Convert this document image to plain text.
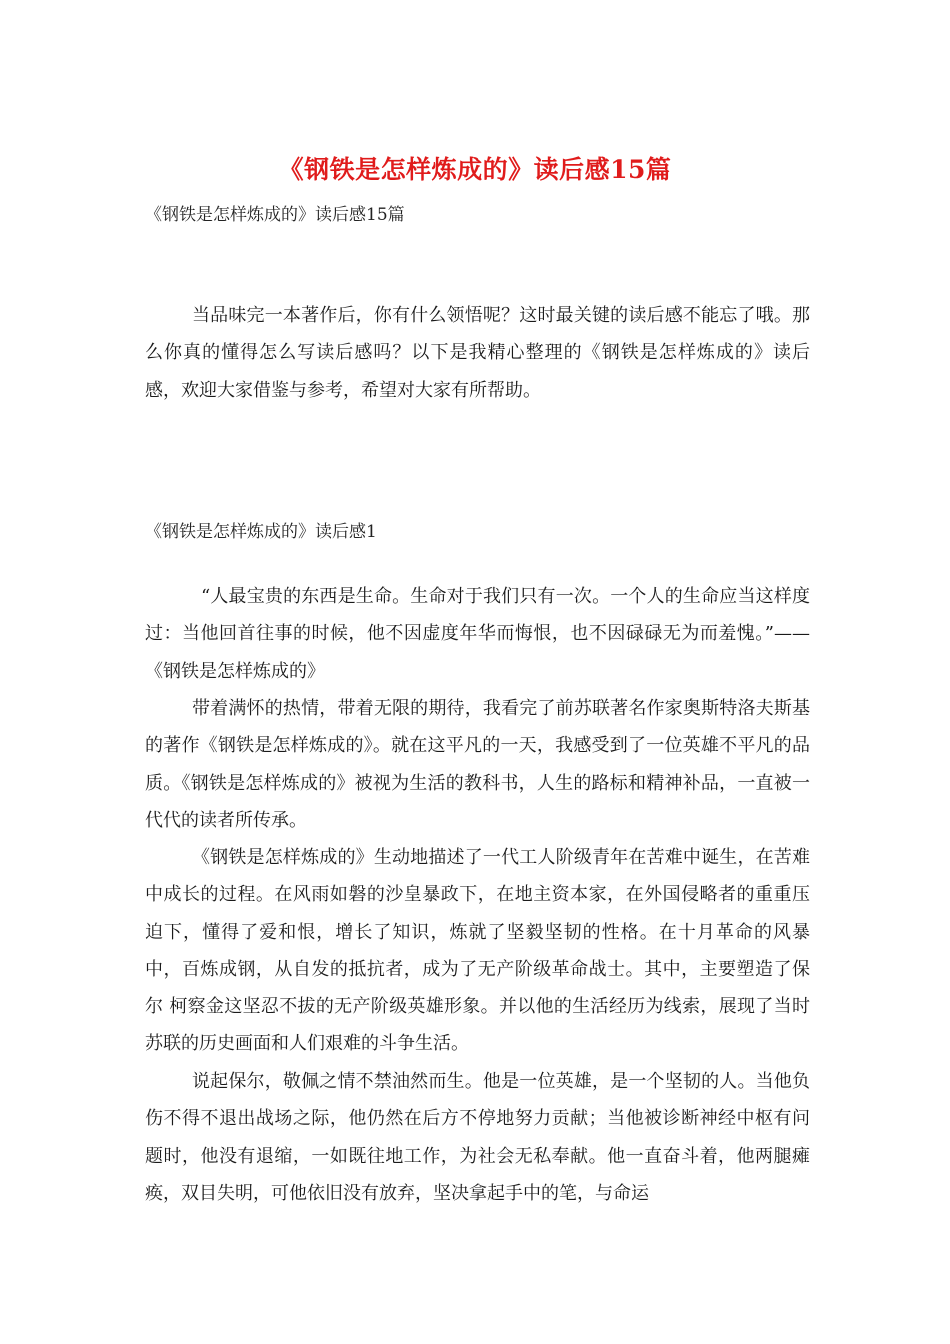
《钢铁是怎样炼成的》读后感15篇
《钢铁是怎样炼成的》读后感15篇

当品味完一本著作后，你有什么领悟呢？这时最关键的读后感不能忘了哦。那么你真的懂得怎么写读后感吗？以下是我精心整理的《钢铁是怎样炼成的》读后感，欢迎大家借鉴与参考，希望对大家有所帮助。

《钢铁是怎样炼成的》读后感1

“人最宝贵的东西是生命。生命对于我们只有一次。一个人的生命应当这样度过：当他回首往事的时候，他不因虚度年华而悔恨，也不因碌碌无为而羞愧。”——《钢铁是怎样炼成的》

带着满怀的热情，带着无限的期待，我看完了前苏联著名作家奥斯特洛夫斯基的著作《钢铁是怎样炼成的》。就在这平凡的一天，我感受到了一位英雄不平凡的品质。《钢铁是怎样炼成的》被视为生活的教科书，人生的路标和精神补品，一直被一代代的读者所传承。

《钢铁是怎样炼成的》生动地描述了一代工人阶级青年在苦难中诞生，在苦难中成长的过程。在风雨如磐的沙皇暴政下，在地主资本家，在外国侵略者的重重压迫下，懂得了爱和恨，增长了知识，炼就了坚毅坚韧的性格。在十月革命的风暴中，百炼成钢，从自发的抵抗者，成为了无产阶级革命战士。其中，主要塑造了保尔 柯察金这坚忍不拔的无产阶级英雄形象。并以他的生活经历为线索，展现了当时苏联的历史画面和人们艰难的斗争生活。

说起保尔，敬佩之情不禁油然而生。他是一位英雄，是一个坚韧的人。当他负伤不得不退出战场之际，他仍然在后方不停地努力贡献；当他被诊断神经中枢有问题时，他没有退缩，一如既往地工作，为社会无私奉献。他一直奋斗着，他两腿瘫痪，双目失明，可他依旧没有放弃，坚决拿起手中的笔，与命运
